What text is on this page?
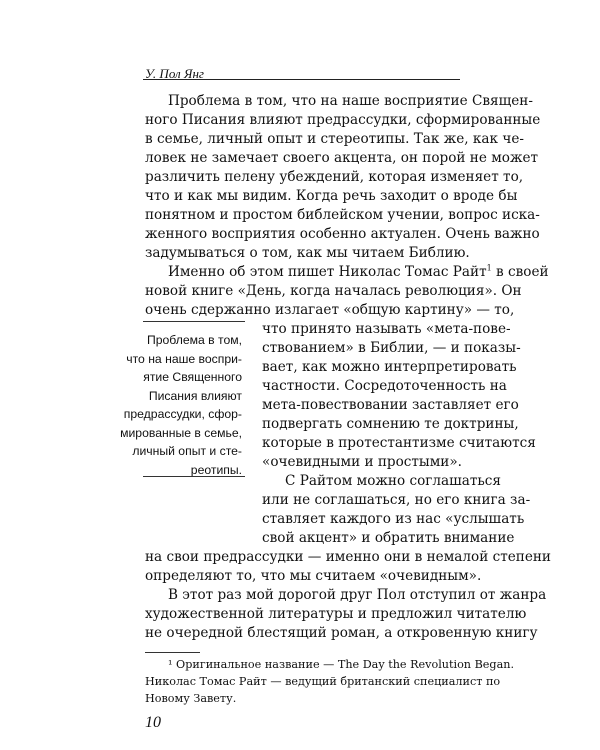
У. Пол Янг
Проблема в том, что на наше восприятие Священ-
ного Писания влияют предрассудки, сформированные
в семье, личный опыт и стереотипы. Так же, как че-
ловек не замечает своего акцента, он порой не может
различить пелену убеждений, которая изменяет то,
что и как мы видим. Когда речь заходит о вроде бы
понятном и простом библейском учении, вопрос иска-
женного восприятия особенно актуален. Очень важно
задумываться о том, как мы читаем Библию.
Именно об этом пишет Николас Томас Райт$^1$ в своей
новой книге «День, когда началась революция». Он
очень сдержанно излагает «общую картину» — то,
что принято называть «мета-пове-
ствованием» в Библии, — и показы-
вает, как можно интерпретировать
частности. Сосредоточенность на
мета-повествовании заставляет его
подвергать сомнению те доктрины,
которые в протестантизме считаются
«очевидными и простыми».
С Райтом можно соглашаться
или не соглашаться, но его книга за-
ставляет каждого из нас «услышать
свой акцент» и обратить внимание
Проблема в том,
что на наше воспри-
ятие Священного
Писания влияют
предрассудки, сфор-
мированные в семье,
личный опыт и сте-
реотипы.
на свои предрассудки — именно они в немалой степени
определяют то, что мы считаем «очевидным».
В этот раз мой дорогой друг Пол отступил от жанра
художественной литературы и предложил читателю
не очередной блестящий роман, а откровенную книгу
¹ Оригинальное название — The Day the Revolution Began.
Николас Томас Райт — ведущий британский специалист по
Новому Завету.
10
